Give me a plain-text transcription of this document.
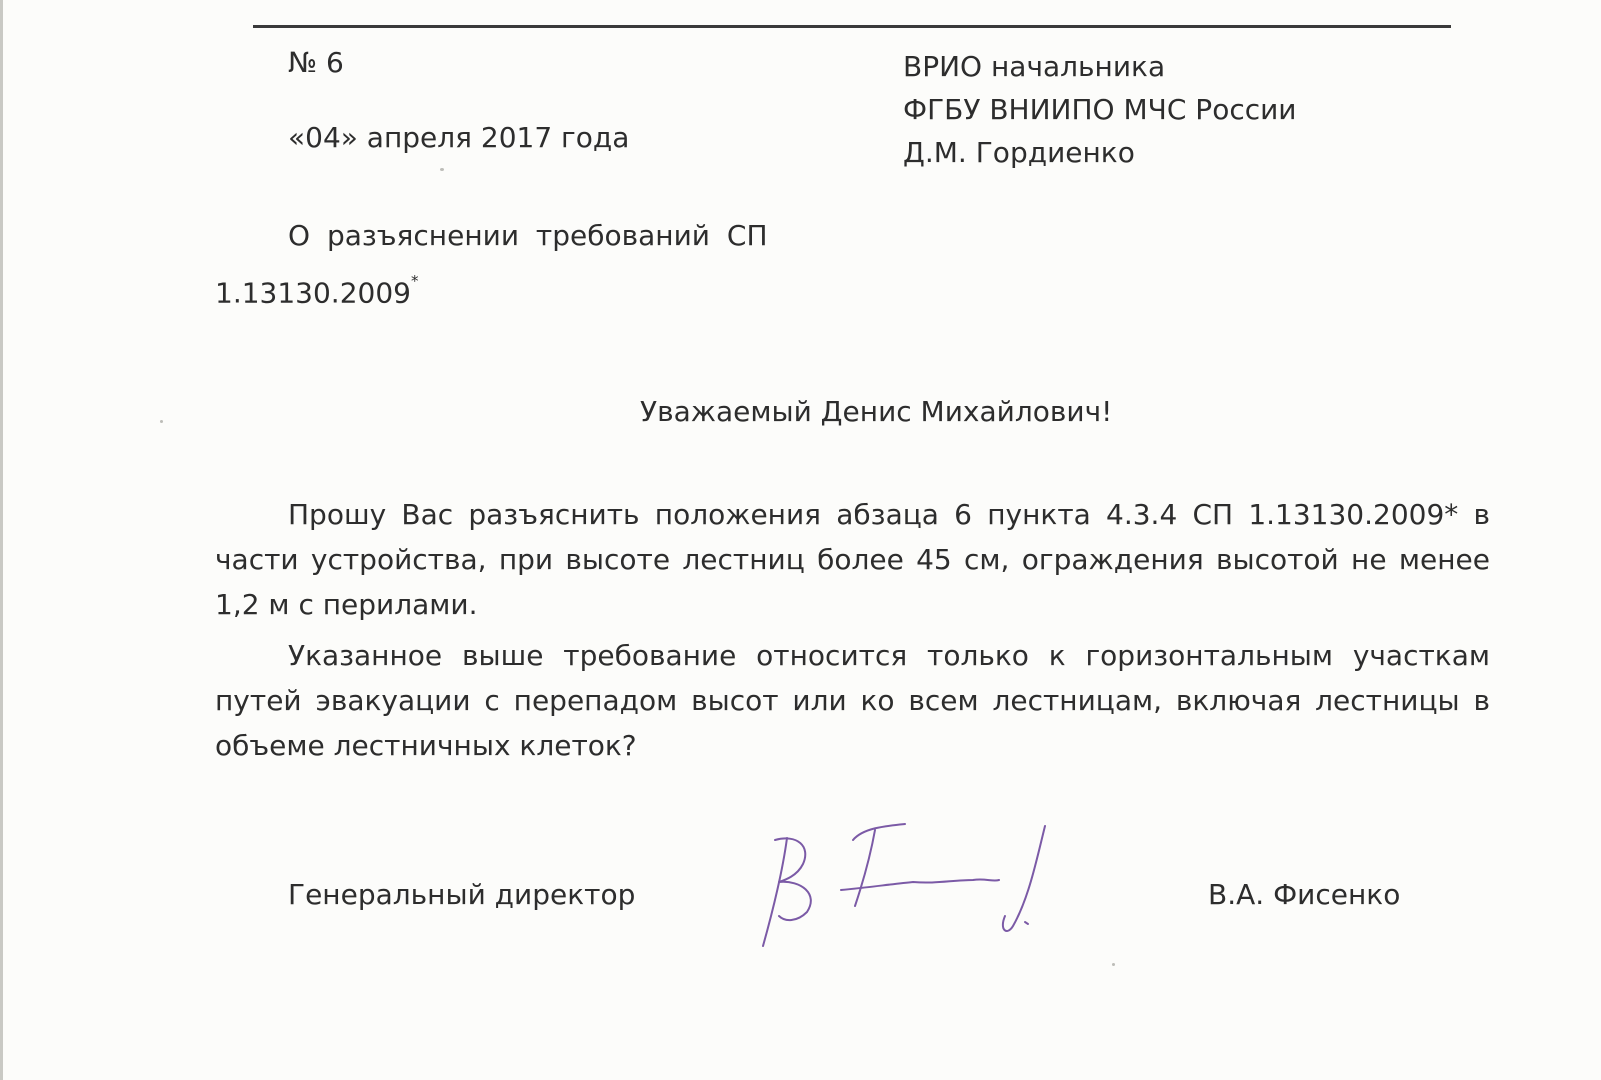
№ 6
«04» апреля 2017 года
ВРИО начальника
ФГБУ ВНИИПО МЧС России
Д.М. Гордиенко
О разъяснении требований СП
1.13130.2009*
Уважаемый Денис Михайлович!

Прошу Вас разъяснить положения абзаца 6 пункта 4.3.4 СП 1.13130.2009* в части устройства, при высоте лестниц более 45 см, ограждения высотой не менее 1,2 м с перилами.

Указанное выше требование относится только к горизонтальным участкам путей эвакуации с перепадом высот или ко всем лестницам, включая лестницы в объеме лестничных клеток?

Генеральный директор	В.А. Фисенко
